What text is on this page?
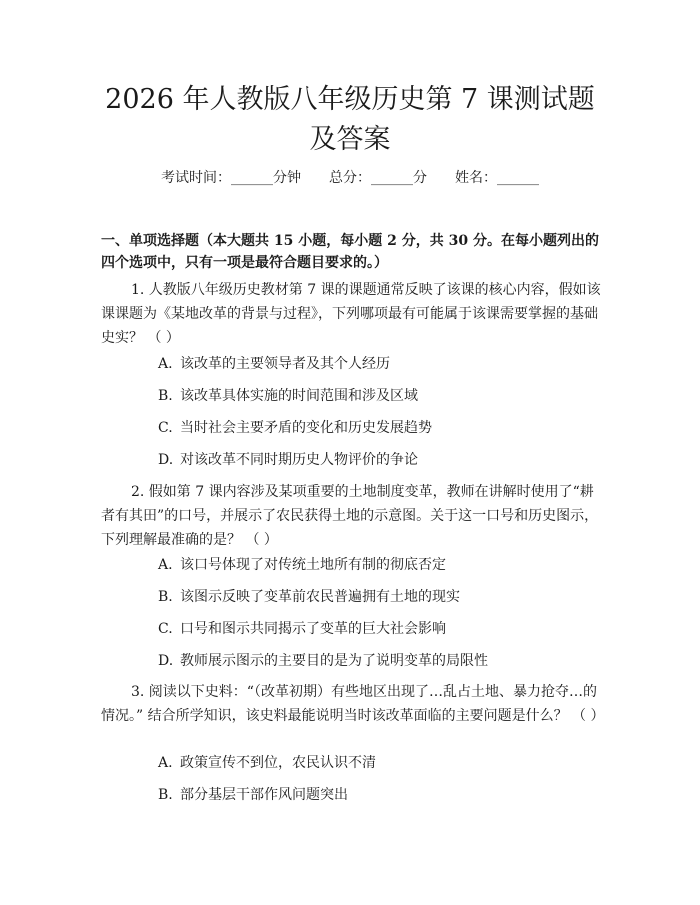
2026 年人教版八年级历史第 7 课测试题及答案
考试时间：______分钟 总分：______分 姓名：______
一、单项选择题（本大题共 15 小题，每小题 2 分，共 30 分。在每小题列出的四个选项中，只有一项是最符合题目要求的。）
1. 人教版八年级历史教材第 7 课的课题通常反映了该课的核心内容，假如该课课题为《某地改革的背景与过程》，下列哪项最有可能属于该课需要掌握的基础史实？ （ ）
A. 该改革的主要领导者及其个人经历
B. 该改革具体实施的时间范围和涉及区域
C. 当时社会主要矛盾的变化和历史发展趋势
D. 对该改革不同时期历史人物评价的争论
2. 假如第 7 课内容涉及某项重要的土地制度变革，教师在讲解时使用了“耕者有其田”的口号，并展示了农民获得土地的示意图。关于这一口号和历史图示，下列理解最准确的是？ （ ）
A. 该口号体现了对传统土地所有制的彻底否定
B. 该图示反映了变革前农民普遍拥有土地的现实
C. 口号和图示共同揭示了变革的巨大社会影响
D. 教师展示图示的主要目的是为了说明变革的局限性
3. 阅读以下史料：“（改革初期）有些地区出现了…乱占土地、暴力抢夺…的情况。” 结合所学知识，该史料最能说明当时该改革面临的主要问题是什么？ （ ）
A. 政策宣传不到位，农民认识不清
B. 部分基层干部作风问题突出
